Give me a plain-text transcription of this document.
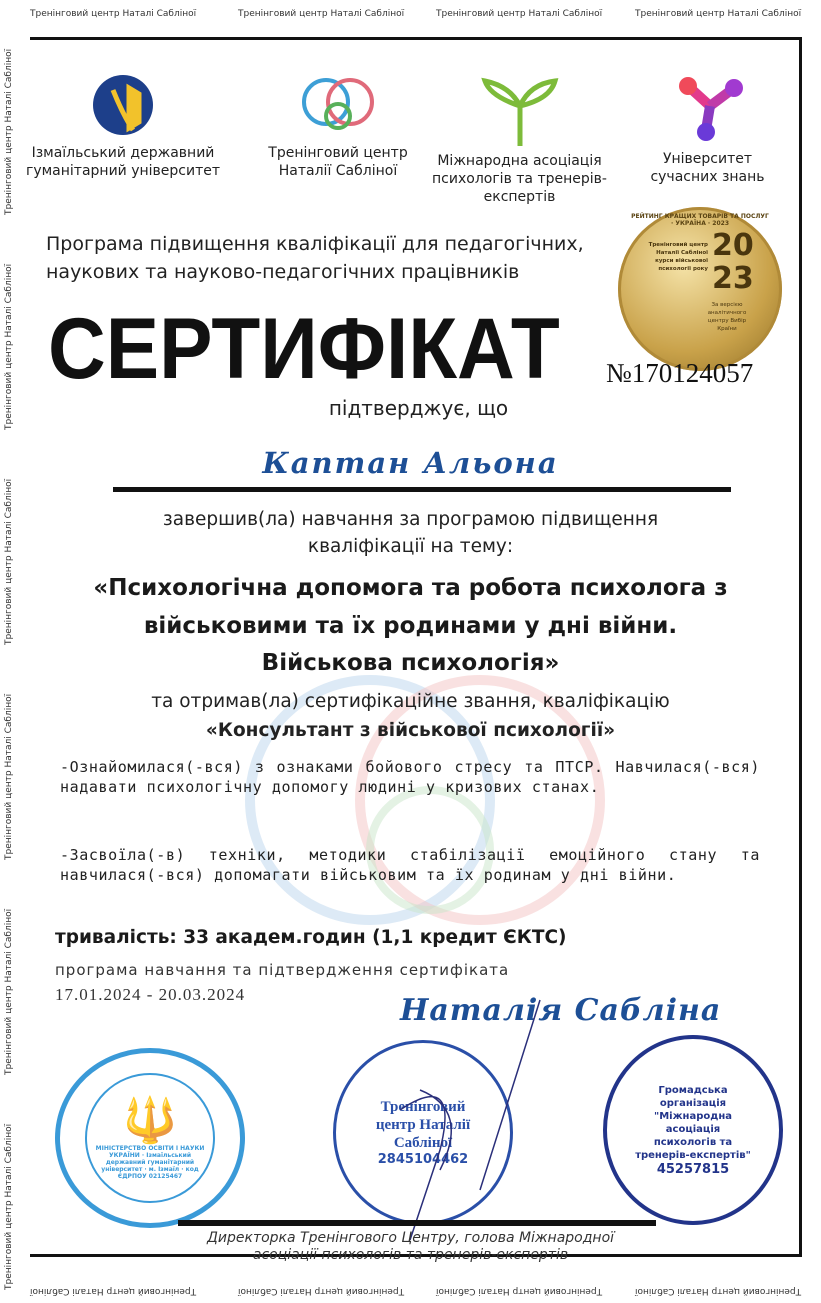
Тренінговий центр Наталі Сабліної	Тренінговий центр Наталі Сабліної	Тренінговий центр Наталі Сабліної	Тренінговий центр Наталі Сабліної
Тренінговий центр Наталі Сабліної
Тренінговий центр Наталі Сабліної
Тренінговий центр Наталі Сабліної
Тренінговий центр Наталі Сабліної
Тренінговий центр Наталі Сабліної
Тренінговий центр Наталі Сабліної
Тренінговий центр Наталі Сабліної	Тренінговий центр Наталі Сабліної	Тренінговий центр Наталі Сабліної	Тренінговий центр Наталі Сабліної
Ізмаїльський державний
гуманітарний університет
Тренінговий центр
Наталії Сабліної
Міжнародна асоціація
психологів та тренерів-експертів
Університет
сучасних знань
Програма підвищення кваліфікації для педагогічних,
наукових та науково-педагогічних працівників
РЕЙТИНГ КРАЩИХ ТОВАРІВ ТА ПОСЛУГ · УКРАЇНА · 2023
Тренінговий центр Наталії Сабліної курси військової психології року
20
23
За версією аналітичного центру Вибір Країни
СЕРТИФІКАТ №170124057
підтверджує, що
Каптан Альона
завершив(ла) навчання за програмою підвищення
кваліфікації на тему:
«Психологічна допомога та робота психолога з
військовими та їх родинами у дні війни.
Військова психологія»
та отримав(ла) сертифікаційне звання, кваліфікацію
«Консультант з військової психології»
-Ознайомилася(-вся) з ознаками бойового стресу та ПТСР. Навчилася(-вся) надавати психологічну допомогу людині у кризових станах.
-Засвоїла(-в) техніки, методики стабілізації емоційного стану та навчилася(-вся) допомагати військовим та їх родинам у дні війни.
тривалість: 33 академ.годин (1,1 кредит ЄКТС)
програма навчання та підтвердження сертифіката
17.01.2024 - 20.03.2024	Наталія Сабліна
🔱
МІНІСТЕРСТВО ОСВІТИ І НАУКИ УКРАЇНИ · Ізмаїльський державний гуманітарний університет · м. Ізмаїл · код ЄДРПОУ 02125467
Тренінговий центр Наталії Сабліної
2845104462
Громадська організація "Міжнародна асоціація психологів та тренерів-експертів"
45257815
Директорка Тренінгового Центру, голова Міжнародної
асоціації психологів та тренерів-експертів
